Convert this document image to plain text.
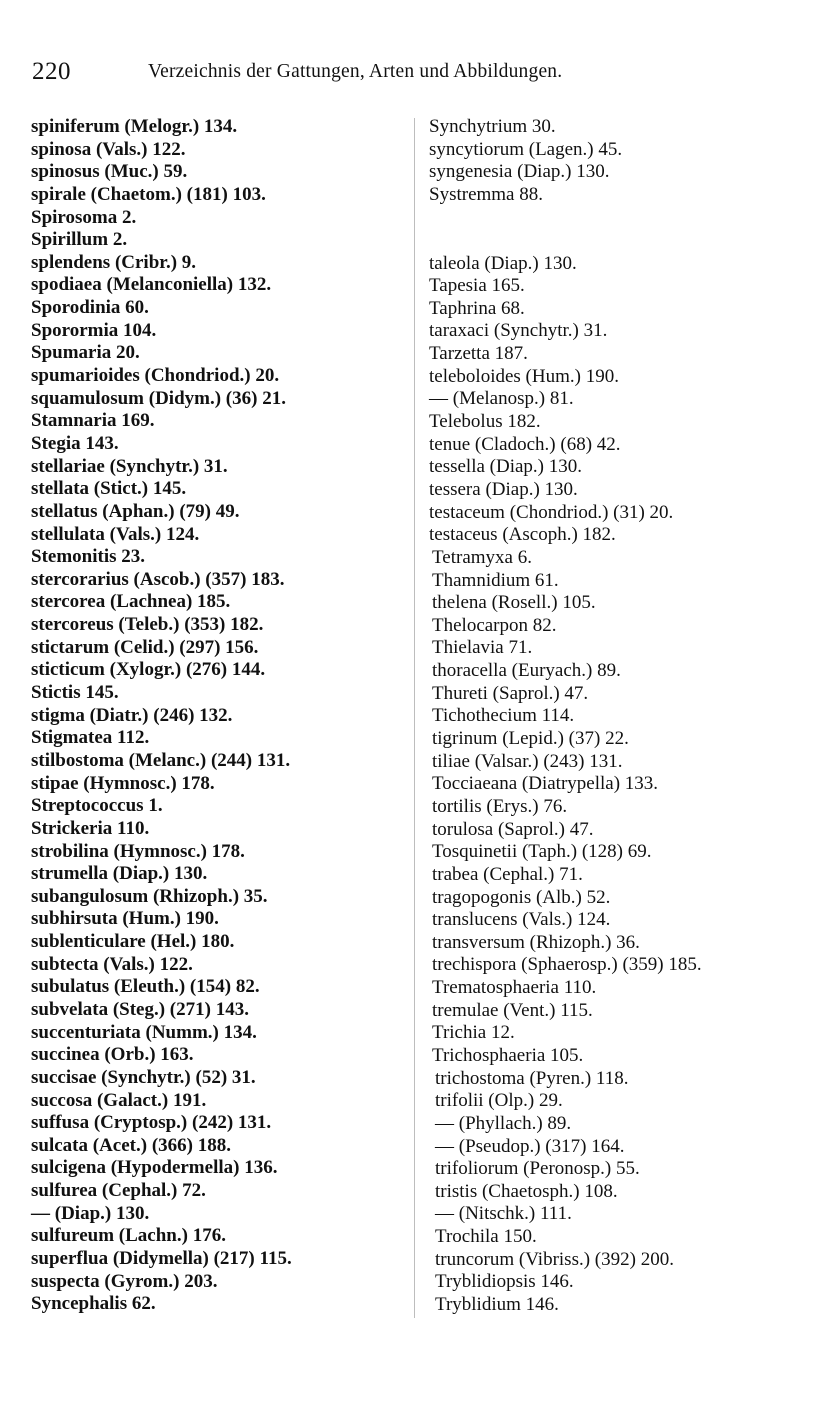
220	Verzeichnis der Gattungen, Arten und Abbildungen.
spiniferum (Melogr.) 134.
spinosa (Vals.) 122.
spinosus (Muc.) 59.
spirale (Chaetom.) (181) 103.
Spirosoma 2.
Spirillum 2.
splendens (Cribr.) 9.
spodiaea (Melanconiella) 132.
Sporodinia 60.
Sporormia 104.
Spumaria 20.
spumarioides (Chondriod.) 20.
squamulosum (Didym.) (36) 21.
Stamnaria 169.
Stegia 143.
stellariae (Synchytr.) 31.
stellata (Stict.) 145.
stellatus (Aphan.) (79) 49.
stellulata (Vals.) 124.
Stemonitis 23.
stercorarius (Ascob.) (357) 183.
stercorea (Lachnea) 185.
stercoreus (Teleb.) (353) 182.
stictarum (Celid.) (297) 156.
sticticum (Xylogr.) (276) 144.
Stictis 145.
stigma (Diatr.) (246) 132.
Stigmatea 112.
stilbostoma (Melanc.) (244) 131.
stipae (Hymnosc.) 178.
Streptococcus 1.
Strickeria 110.
strobilina (Hymnosc.) 178.
strumella (Diap.) 130.
subangulosum (Rhizoph.) 35.
subhirsuta (Hum.) 190.
sublenticulare (Hel.) 180.
subtecta (Vals.) 122.
subulatus (Eleuth.) (154) 82.
subvelata (Steg.) (271) 143.
succenturiata (Numm.) 134.
succinea (Orb.) 163.
succisae (Synchytr.) (52) 31.
succosa (Galact.) 191.
suffusa (Cryptosp.) (242) 131.
sulcata (Acet.) (366) 188.
sulcigena (Hypodermella) 136.
sulfurea (Cephal.) 72.
— (Diap.) 130.
sulfureum (Lachn.) 176.
superflua (Didymella) (217) 115.
suspecta (Gyrom.) 203.
Syncephalis 62.
Synchytrium 30.
syncytiorum (Lagen.) 45.
syngenesia (Diap.) 130.
Systremma 88.
taleola (Diap.) 130.
Tapesia 165.
Taphrina 68.
taraxaci (Synchytr.) 31.
Tarzetta 187.
teleboloides (Hum.) 190.
— (Melanosp.) 81.
Telebolus 182.
tenue (Cladoch.) (68) 42.
tessella (Diap.) 130.
tessera (Diap.) 130.
testaceum (Chondriod.) (31) 20.
testaceus (Ascoph.) 182.
Tetramyxa 6.
Thamnidium 61.
thelena (Rosell.) 105.
Thelocarpon 82.
Thielavia 71.
thoracella (Euryach.) 89.
Thureti (Saprol.) 47.
Tichothecium 114.
tigrinum (Lepid.) (37) 22.
tiliae (Valsar.) (243) 131.
Tocciaeana (Diatrypella) 133.
tortilis (Erys.) 76.
torulosa (Saprol.) 47.
Tosquinetii (Taph.) (128) 69.
trabea (Cephal.) 71.
tragopogonis (Alb.) 52.
translucens (Vals.) 124.
transversum (Rhizoph.) 36.
trechispora (Sphaerosp.) (359) 185.
Trematosphaeria 110.
tremulae (Vent.) 115.
Trichia 12.
Trichosphaeria 105.
trichostoma (Pyren.) 118.
trifolii (Olp.) 29.
— (Phyllach.) 89.
— (Pseudop.) (317) 164.
trifoliorum (Peronosp.) 55.
tristis (Chaetosph.) 108.
— (Nitschk.) 111.
Trochila 150.
truncorum (Vibriss.) (392) 200.
Tryblidiopsis 146.
Tryblidium 146.
